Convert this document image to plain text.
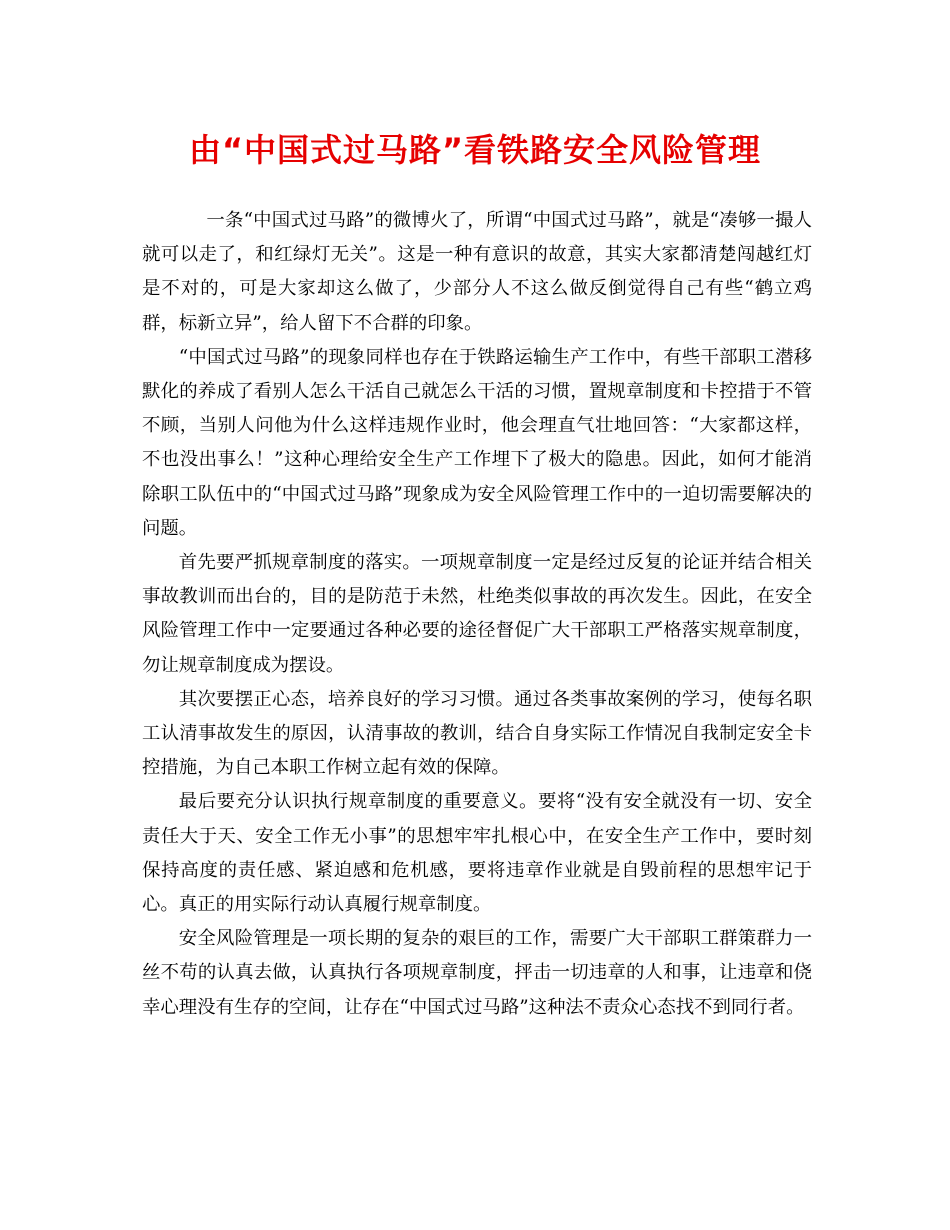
由“中国式过马路”看铁路安全风险管理

一条“中国式过马路”的微博火了，所谓“中国式过马路”，就是“凑够一撮人就可以走了，和红绿灯无关”。这是一种有意识的故意，其实大家都清楚闯越红灯是不对的，可是大家却这么做了，少部分人不这么做反倒觉得自己有些“鹤立鸡群，标新立异”，给人留下不合群的印象。

“中国式过马路”的现象同样也存在于铁路运输生产工作中，有些干部职工潜移默化的养成了看别人怎么干活自己就怎么干活的习惯，置规章制度和卡控措于不管不顾，当别人问他为什么这样违规作业时，他会理直气壮地回答：“大家都这样，不也没出事么！”这种心理给安全生产工作埋下了极大的隐患。因此，如何才能消除职工队伍中的“中国式过马路”现象成为安全风险管理工作中的一迫切需要解决的问题。

首先要严抓规章制度的落实。一项规章制度一定是经过反复的论证并结合相关事故教训而出台的，目的是防范于未然，杜绝类似事故的再次发生。因此，在安全风险管理工作中一定要通过各种必要的途径督促广大干部职工严格落实规章制度，勿让规章制度成为摆设。

其次要摆正心态，培养良好的学习习惯。通过各类事故案例的学习，使每名职工认清事故发生的原因，认清事故的教训，结合自身实际工作情况自我制定安全卡控措施，为自己本职工作树立起有效的保障。

最后要充分认识执行规章制度的重要意义。要将“没有安全就没有一切、安全责任大于天、安全工作无小事”的思想牢牢扎根心中，在安全生产工作中，要时刻保持高度的责任感、紧迫感和危机感，要将违章作业就是自毁前程的思想牢记于心。真正的用实际行动认真履行规章制度。

安全风险管理是一项长期的复杂的艰巨的工作，需要广大干部职工群策群力一丝不苟的认真去做，认真执行各项规章制度，抨击一切违章的人和事，让违章和侥幸心理没有生存的空间，让存在“中国式过马路”这种法不责众心态找不到同行者。
